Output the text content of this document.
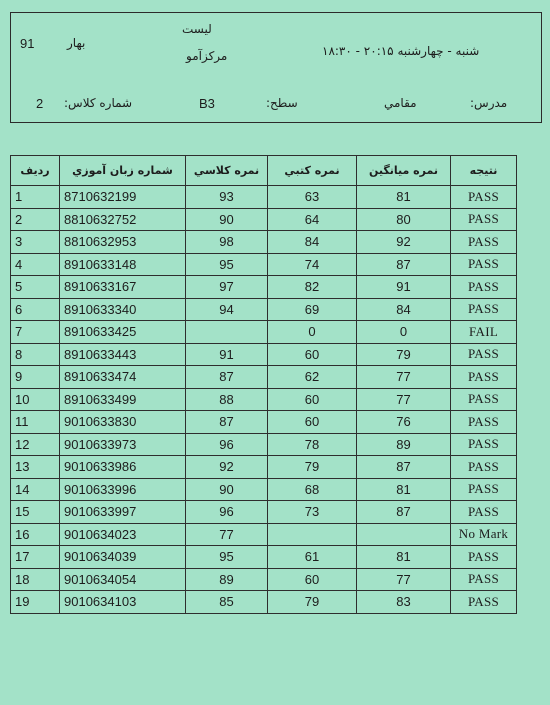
91	بهار
لیست
مرکزآمو	شنبه - چهارشنبه ۲۰:۱۵ - ۱۸:۳۰
2 شماره کلاس:	B3	سطح:	مقامي	مدرس:
ردیف	شماره زبان آموزي	نمره کلاسي	نمره کتبي	نمره ميانگين	نتيجه
1	8710632199	93	63	81	PASS
2	8810632752	90	64	80	PASS
3	8810632953	98	84	92	PASS
4	8910633148	95	74	87	PASS
5	8910633167	97	82	91	PASS
6	8910633340	94	69	84	PASS
7	8910633425		0	0	FAIL
8	8910633443	91	60	79	PASS
9	8910633474	87	62	77	PASS
10	8910633499	88	60	77	PASS
11	9010633830	87	60	76	PASS
12	9010633973	96	78	89	PASS
13	9010633986	92	79	87	PASS
14	9010633996	90	68	81	PASS
15	9010633997	96	73	87	PASS
16	9010634023	77			No Mark
17	9010634039	95	61	81	PASS
18	9010634054	89	60	77	PASS
19	9010634103	85	79	83	PASS
